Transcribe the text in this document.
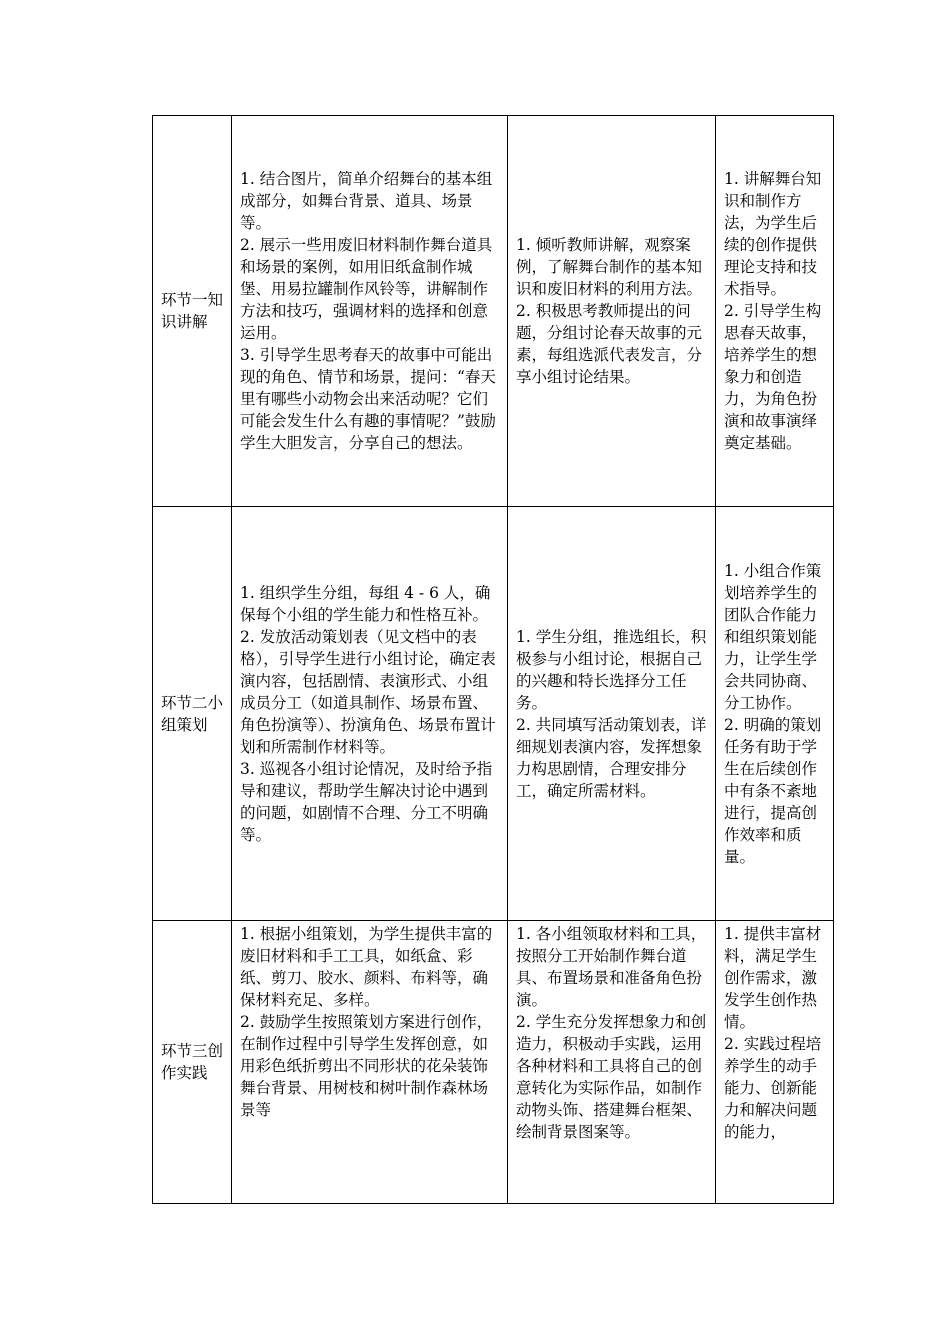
环节一知识讲解	1. 结合图片，简单介绍舞台的基本组成部分，如舞台背景、道具、场景等。
2. 展示一些用废旧材料制作舞台道具和场景的案例，如用旧纸盒制作城堡、用易拉罐制作风铃等，讲解制作方法和技巧，强调材料的选择和创意运用。
3. 引导学生思考春天的故事中可能出现的角色、情节和场景，提问：“春天里有哪些小动物会出来活动呢？它们可能会发生什么有趣的事情呢？”鼓励学生大胆发言，分享自己的想法。	1. 倾听教师讲解，观察案例，了解舞台制作的基本知识和废旧材料的利用方法。
2. 积极思考教师提出的问题，分组讨论春天故事的元素，每组选派代表发言，分享小组讨论结果。	1. 讲解舞台知识和制作方法，为学生后续的创作提供理论支持和技术指导。
2. 引导学生构思春天故事，培养学生的想象力和创造力，为角色扮演和故事演绎奠定基础。

环节二小组策划	1. 组织学生分组，每组 4 - 6 人，确保每个小组的学生能力和性格互补。
2. 发放活动策划表（见文档中的表格），引导学生进行小组讨论，确定表演内容，包括剧情、表演形式、小组成员分工（如道具制作、场景布置、角色扮演等）、扮演角色、场景布置计划和所需制作材料等。
3. 巡视各小组讨论情况，及时给予指导和建议，帮助学生解决讨论中遇到的问题，如剧情不合理、分工不明确等。	1. 学生分组，推选组长，积极参与小组讨论，根据自己的兴趣和特长选择分工任务。
2. 共同填写活动策划表，详细规划表演内容，发挥想象力构思剧情，合理安排分工，确定所需材料。	1. 小组合作策划培养学生的团队合作能力和组织策划能力，让学生学会共同协商、分工协作。
2. 明确的策划任务有助于学生在后续创作中有条不紊地进行，提高创作效率和质量。

环节三创作实践	1. 根据小组策划，为学生提供丰富的废旧材料和手工工具，如纸盒、彩纸、剪刀、胶水、颜料、布料等，确保材料充足、多样。
2. 鼓励学生按照策划方案进行创作，在制作过程中引导学生发挥创意，如用彩色纸折剪出不同形状的花朵装饰舞台背景、用树枝和树叶制作森林场景等	1. 各小组领取材料和工具，按照分工开始制作舞台道具、布置场景和准备角色扮演。
2. 学生充分发挥想象力和创造力，积极动手实践，运用各种材料和工具将自己的创意转化为实际作品，如制作动物头饰、搭建舞台框架、绘制背景图案等。	1. 提供丰富材料，满足学生创作需求，激发学生创作热情。
2. 实践过程培养学生的动手能力、创新能力和解决问题的能力，
